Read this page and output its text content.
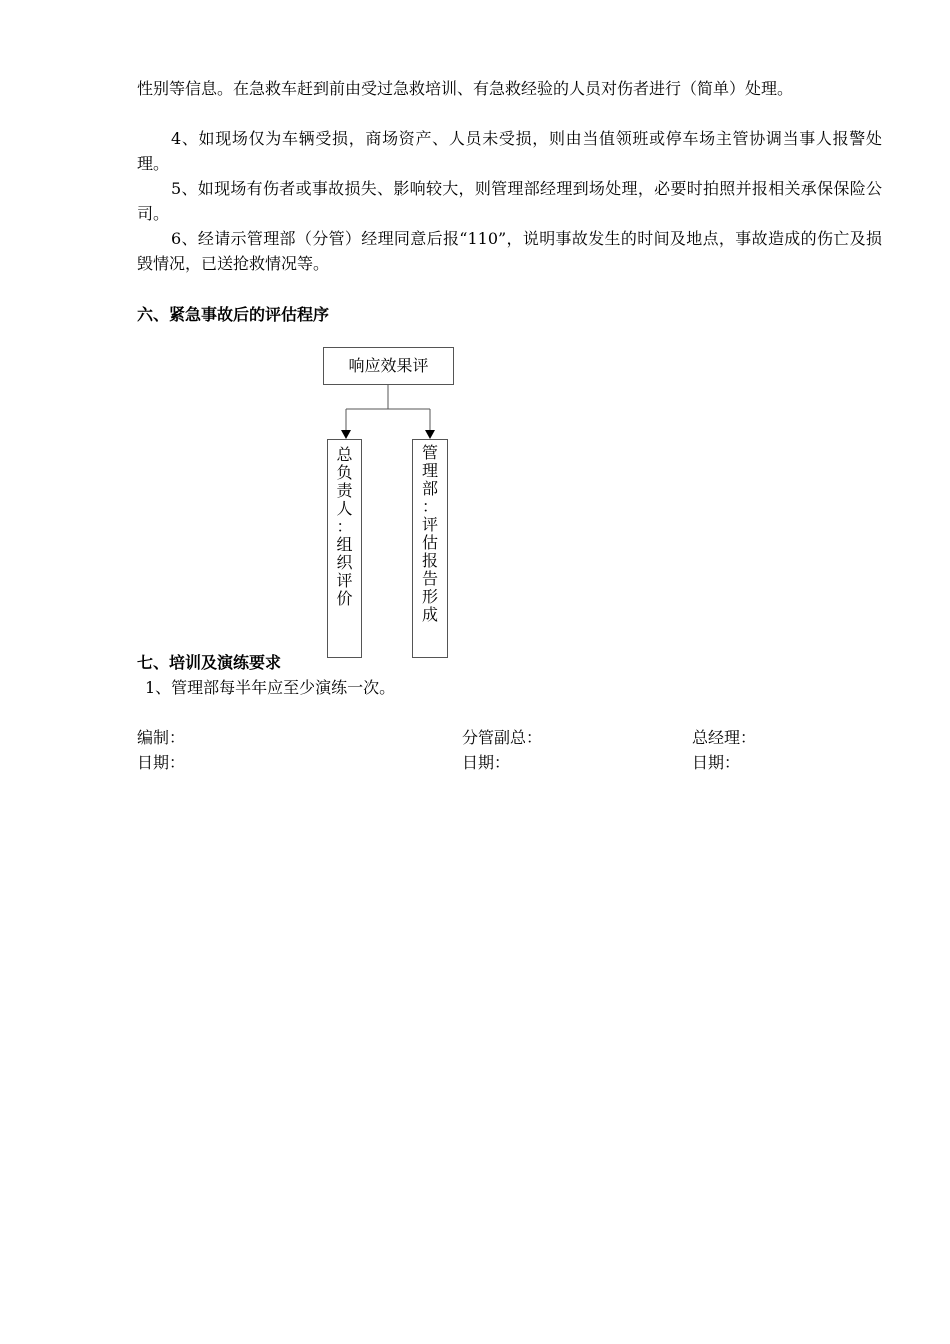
性别等信息。在急救车赶到前由受过急救培训、有急救经验的人员对伤者进行（简单）处理。
4、如现场仅为车辆受损，商场资产、人员未受损，则由当值领班或停车场主管协调当事人报警处理。
5、如现场有伤者或事故损失、影响较大，则管理部经理到场处理，必要时拍照并报相关承保保险公司。
6、经请示管理部（分管）经理同意后报“110”，说明事故发生的时间及地点，事故造成的伤亡及损毁情况，已送抢救情况等。
六、紧急事故后的评估程序
响应效果评
总
负
责
人
：
组
织
评
价
管
理
部
：
评
估
报
告
形
成
七、培训及演练要求
1、管理部每半年应至少演练一次。
编制：	分管副总：	总经理：
日期：	日期：	日期：
